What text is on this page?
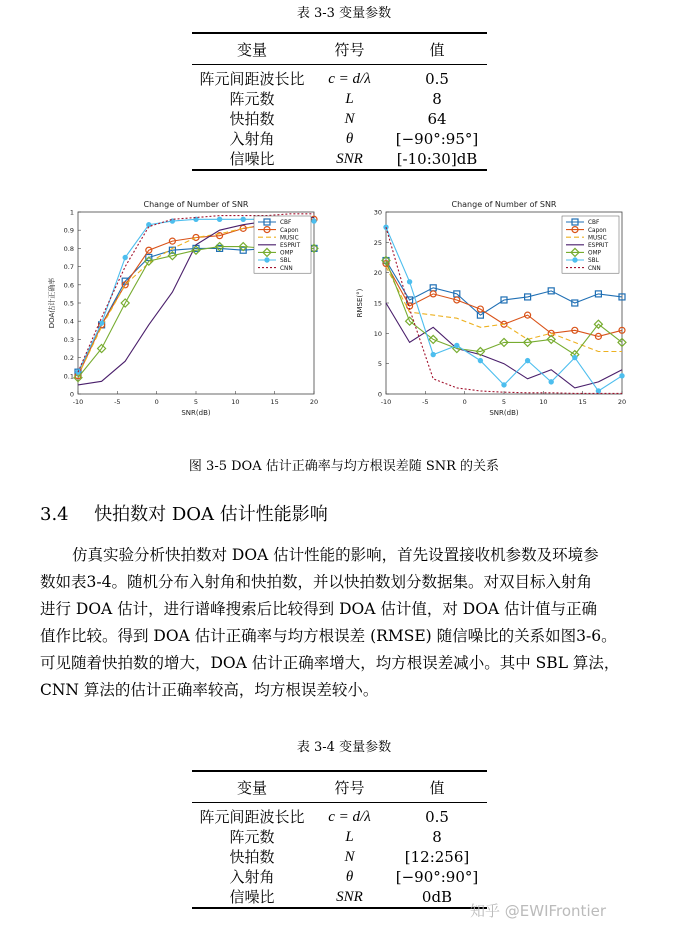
表 3-3 变量参数
变量	符号	值
阵元间距波长比	c = d/λ	0.5
阵元数	L	8
快拍数	N	64
入射角	θ	[−90°:95°]
信噪比	SNR	[-10:30]dB
Change of Number of SNR
-10	-5	0	5	10	15	20
0
0.1
0.2
0.3
0.4
0.5
0.6
0.7
0.8
0.9
1
SNR(dB)
DOA估计正确率
CBF
Capon
MUSIC
ESPRIT
OMP
SBL
CNN
Change of Number of SNR
-10	-5	0	5	10	15	20
0
5
10
15
20
25
30
SNR(dB)
RMSE(°)
CBF
Capon
MUSIC
ESPRIT
OMP
SBL
CNN
图 3-5 DOA 估计正确率与均方根误差随 SNR 的关系
3.4 快拍数对 DOA 估计性能影响
仿真实验分析快拍数对 DOA 估计性能的影响，首先设置接收机参数及环境参
数如表3-4。随机分布入射角和快拍数，并以快拍数划分数据集。对双目标入射角
进行 DOA 估计，进行谱峰搜索后比较得到 DOA 估计值，对 DOA 估计值与正确
值作比较。得到 DOA 估计正确率与均方根误差 (RMSE) 随信噪比的关系如图3-6。
可见随着快拍数的增大，DOA 估计正确率增大，均方根误差减小。其中 SBL 算法，
CNN 算法的估计正确率较高，均方根误差较小。
表 3-4 变量参数
变量	符号	值
阵元间距波长比	c = d/λ	0.5
阵元数	L	8
快拍数	N	[12:256]
入射角	θ	[−90°:90°]
信噪比	SNR	0dB
知乎 @EWIFrontier
